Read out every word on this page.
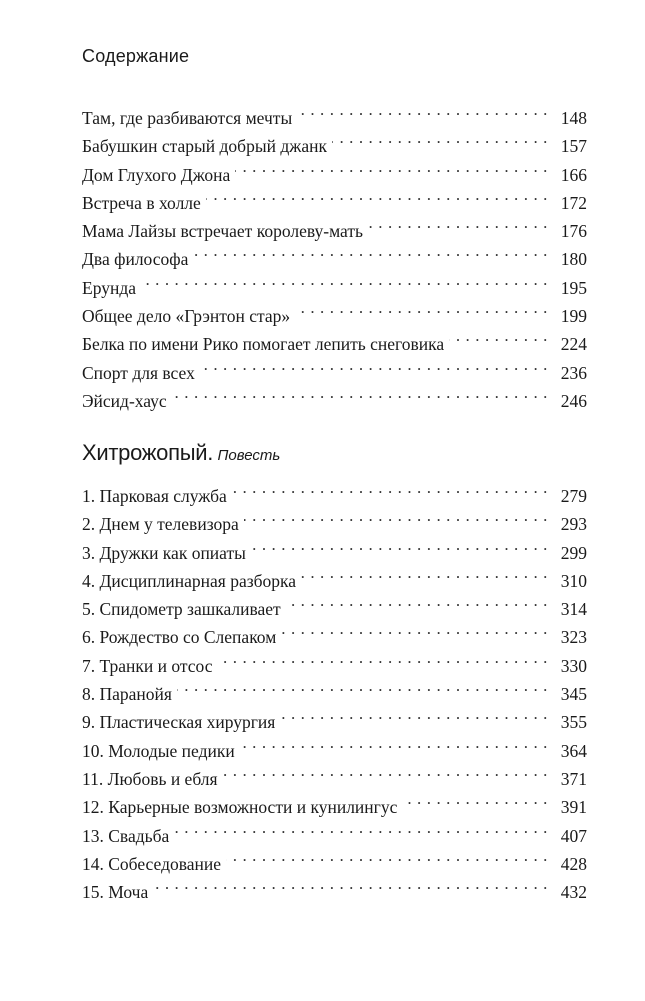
Содержание
Там, где разбиваются мечты . . .	148
Бабушкин старый добрый джанк . . .	157
Дом Глухого Джона . . .	166
Встреча в холле . . .	172
Мама Лайзы встречает королеву-мать . . .	176
Два философа . . .	180
Ерунда . . .	195
Общее дело «Грэнтон стар» . . .	199
Белка по имени Рико помогает лепить снеговика . . .	224
Спорт для всех . . .	236
Эйсид-хаус . . .	246
Хитрожопый. Повесть
1. Парковая служба . . .	279
2. Днем у телевизора . . .	293
3. Дружки как опиаты . . .	299
4. Дисциплинарная разборка . . .	310
5. Спидометр зашкаливает . . .	314
6. Рождество со Слепаком . . .	323
7. Транки и отсос . . .	330
8. Паранойя . . .	345
9. Пластическая хирургия . . .	355
10. Молодые педики . . .	364
11. Любовь и ебля . . .	371
12. Карьерные возможности и кунилингус . . .	391
13. Свадьба . . .	407
14. Собеседование . . .	428
15. Моча . . .	432
